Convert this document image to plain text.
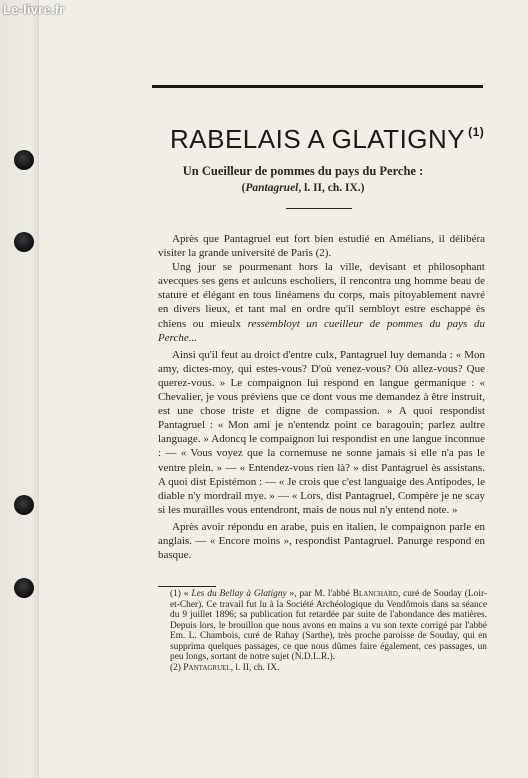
Le-livre.fr
RABELAIS A GLATIGNY $^{(1)}$
Un Cueilleur de pommes du pays du Perche :
(Pantagruel, l. II, ch. IX.)

Après que Pantagruel eut fort bien estudié en Amélians, il délibéra visiter la grande université de Paris (2).

Ung jour se pourmenant hors la ville, devisant et philosophant avecques ses gens et aulcuns escholiers, il rencontra ung homme beau de stature et élégant en tous linéamens du corps, mais pitoyablement navré en divers lieux, et tant mal en ordre qu'il sembloyt estre eschappé ès chiens ou mieulx ressembloyt un cueilleur de pommes du pays du Perche...

Ainsi qu'il feut au droict d'entre culx, Pantagruel luy demanda : « Mon amy, dictes-moy, qui estes-vous? D'où venez-vous? Où allez-vous? Que querez-vous. » Le compaignon lui respond en langue germanique : « Chevalier, je vous préviens que ce dont vous me demandez à être instruit, est une chose triste et digne de compassion. » A quoi respondist Pantagruel : « Mon ami je n'entendz point ce baragouin; parlez aultre language. » Adoncq le compaignon lui respondist en une langue inconnue : — « Vous voyez que la cornemuse ne sonne jamais si elle n'a pas le ventre plein. » — « Entendez-vous rien là? » dist Pantagruel ès assistans. A quoi dist Epistémon : — « Je crois que c'est languaige des Antipodes, le diable n'y mordrail mye. » — « Lors, dist Pantagruel, Compère je ne scay si les murailles vous entendront, mais de nous nul n'y entend note. »

Après avoir répondu en arabe, puis en italien, le compaignon parle en anglais. — « Encore moins », respondist Pantagruel. Panurge respond en basque.

(1) « Les du Bellay à Glatigny », par M. l'abbé Blanchard, curé de Souday (Loir-et-Cher). Ce travail fut lu à la Société Archéologique du Vendômois dans sa séance du 9 juillet 1896; sa publication fut retardée par suite de l'abondance des matières. Depuis lors, le brouillon que nous avons en mains a vu son texte corrigé par l'abbé Em. L. Chambois, curé de Rahay (Sarthe), très proche paroisse de Souday, qui en supprima quelques passages, ce que nous dûmes faire également, ces passages, un peu longs, sortant de notre sujet (N.D.L.R.).

(2) Pantagruel, l. II, ch. IX.
